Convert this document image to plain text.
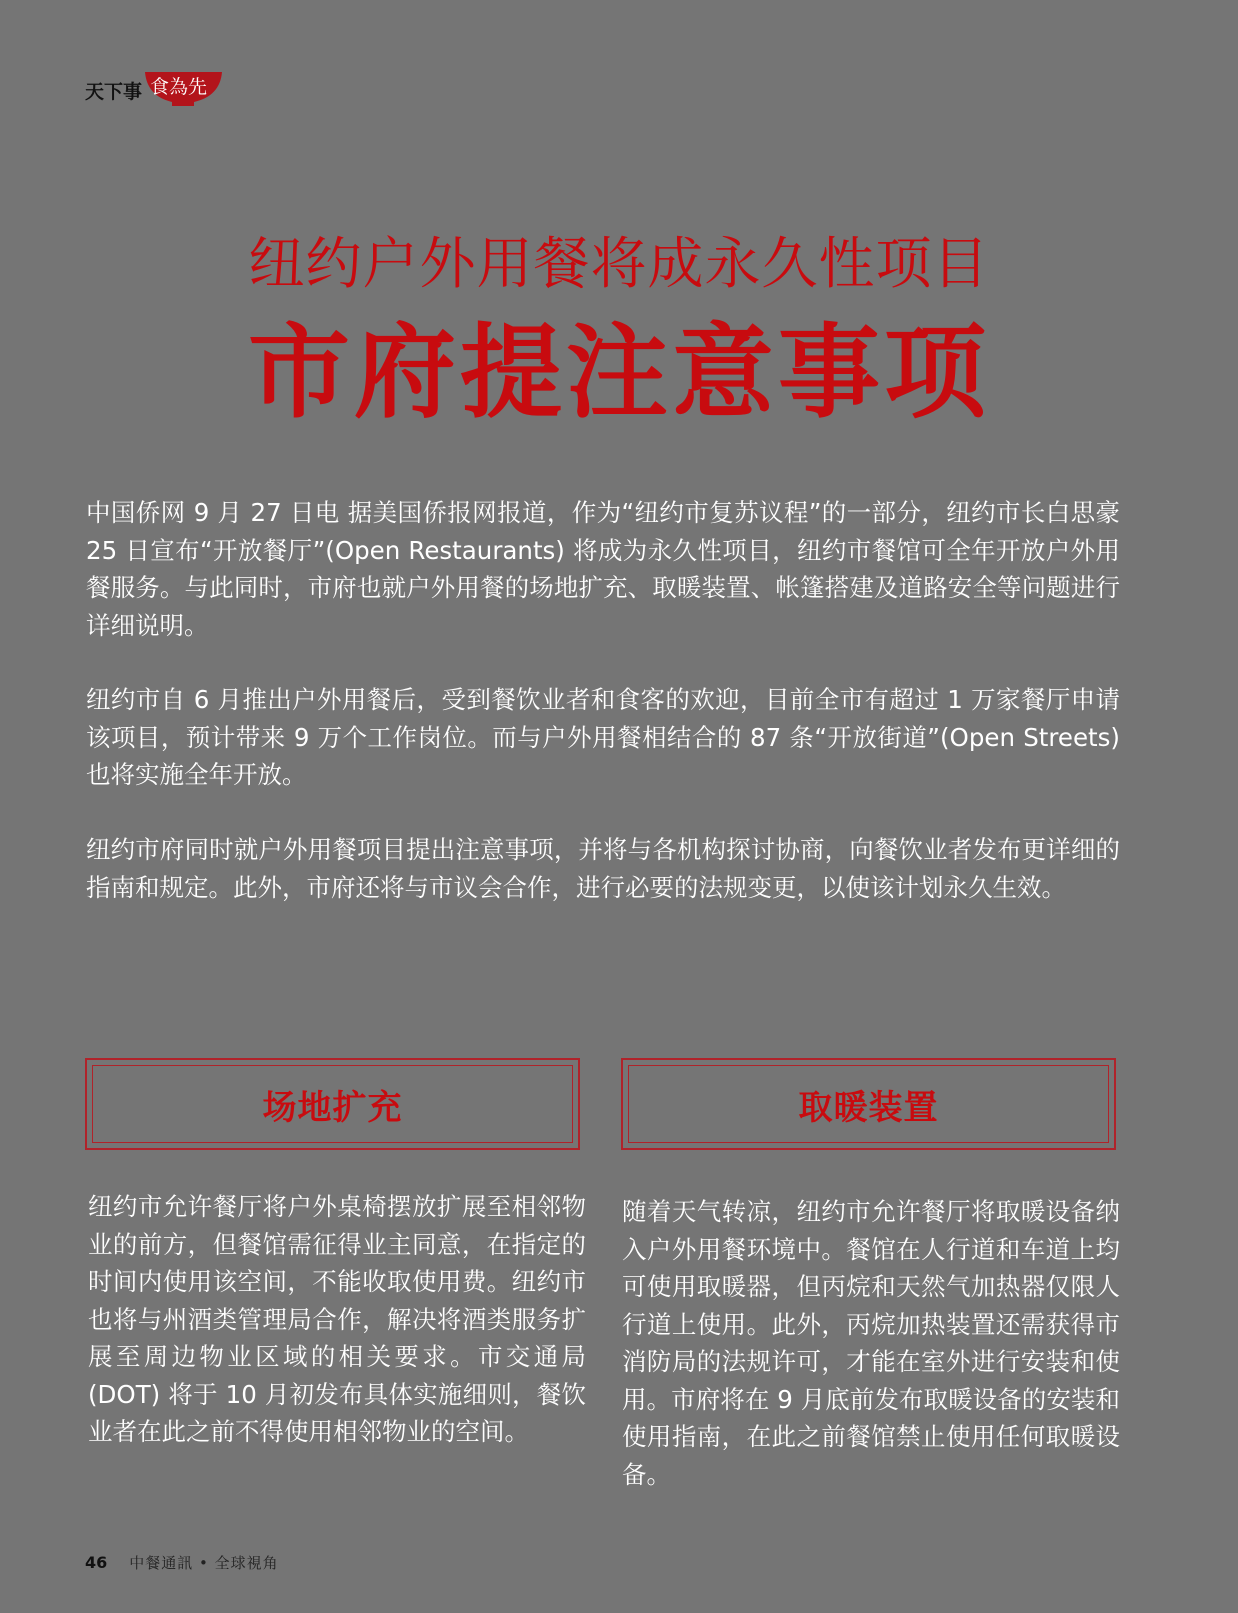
天下事 食為先
纽约户外用餐将成永久性项目
市府提注意事项

中国侨网 9 月 27 日电 据美国侨报网报道，作为“纽约市复苏议程”的一部分，纽约市长白思豪 25 日宣布“开放餐厅”(Open Restaurants) 将成为永久性项目，纽约市餐馆可全年开放户外用餐服务。与此同时，市府也就户外用餐的场地扩充、取暖装置、帐篷搭建及道路安全等问题进行详细说明。

纽约市自 6 月推出户外用餐后，受到餐饮业者和食客的欢迎，目前全市有超过 1 万家餐厅申请该项目，预计带来 9 万个工作岗位。而与户外用餐相结合的 87 条“开放街道”(Open Streets) 也将实施全年开放。

纽约市府同时就户外用餐项目提出注意事项，并将与各机构探讨协商，向餐饮业者发布更详细的指南和规定。此外，市府还将与市议会合作，进行必要的法规变更，以使该计划永久生效。

场地扩充	取暖装置

纽约市允许餐厅将户外桌椅摆放扩展至相邻物业的前方，但餐馆需征得业主同意，在指定的时间内使用该空间，不能收取使用费。纽约市也将与州酒类管理局合作，解决将酒类服务扩展至周边物业区域的相关要求。市交通局 (DOT) 将于 10 月初发布具体实施细则，餐饮业者在此之前不得使用相邻物业的空间。

随着天气转凉，纽约市允许餐厅将取暖设备纳入户外用餐环境中。餐馆在人行道和车道上均可使用取暖器，但丙烷和天然气加热器仅限人行道上使用。此外，丙烷加热装置还需获得市消防局的法规许可，才能在室外进行安装和使用。市府将在 9 月底前发布取暖设备的安装和使用指南，在此之前餐馆禁止使用任何取暖设备。

46 中餐通訊 • 全球視角
